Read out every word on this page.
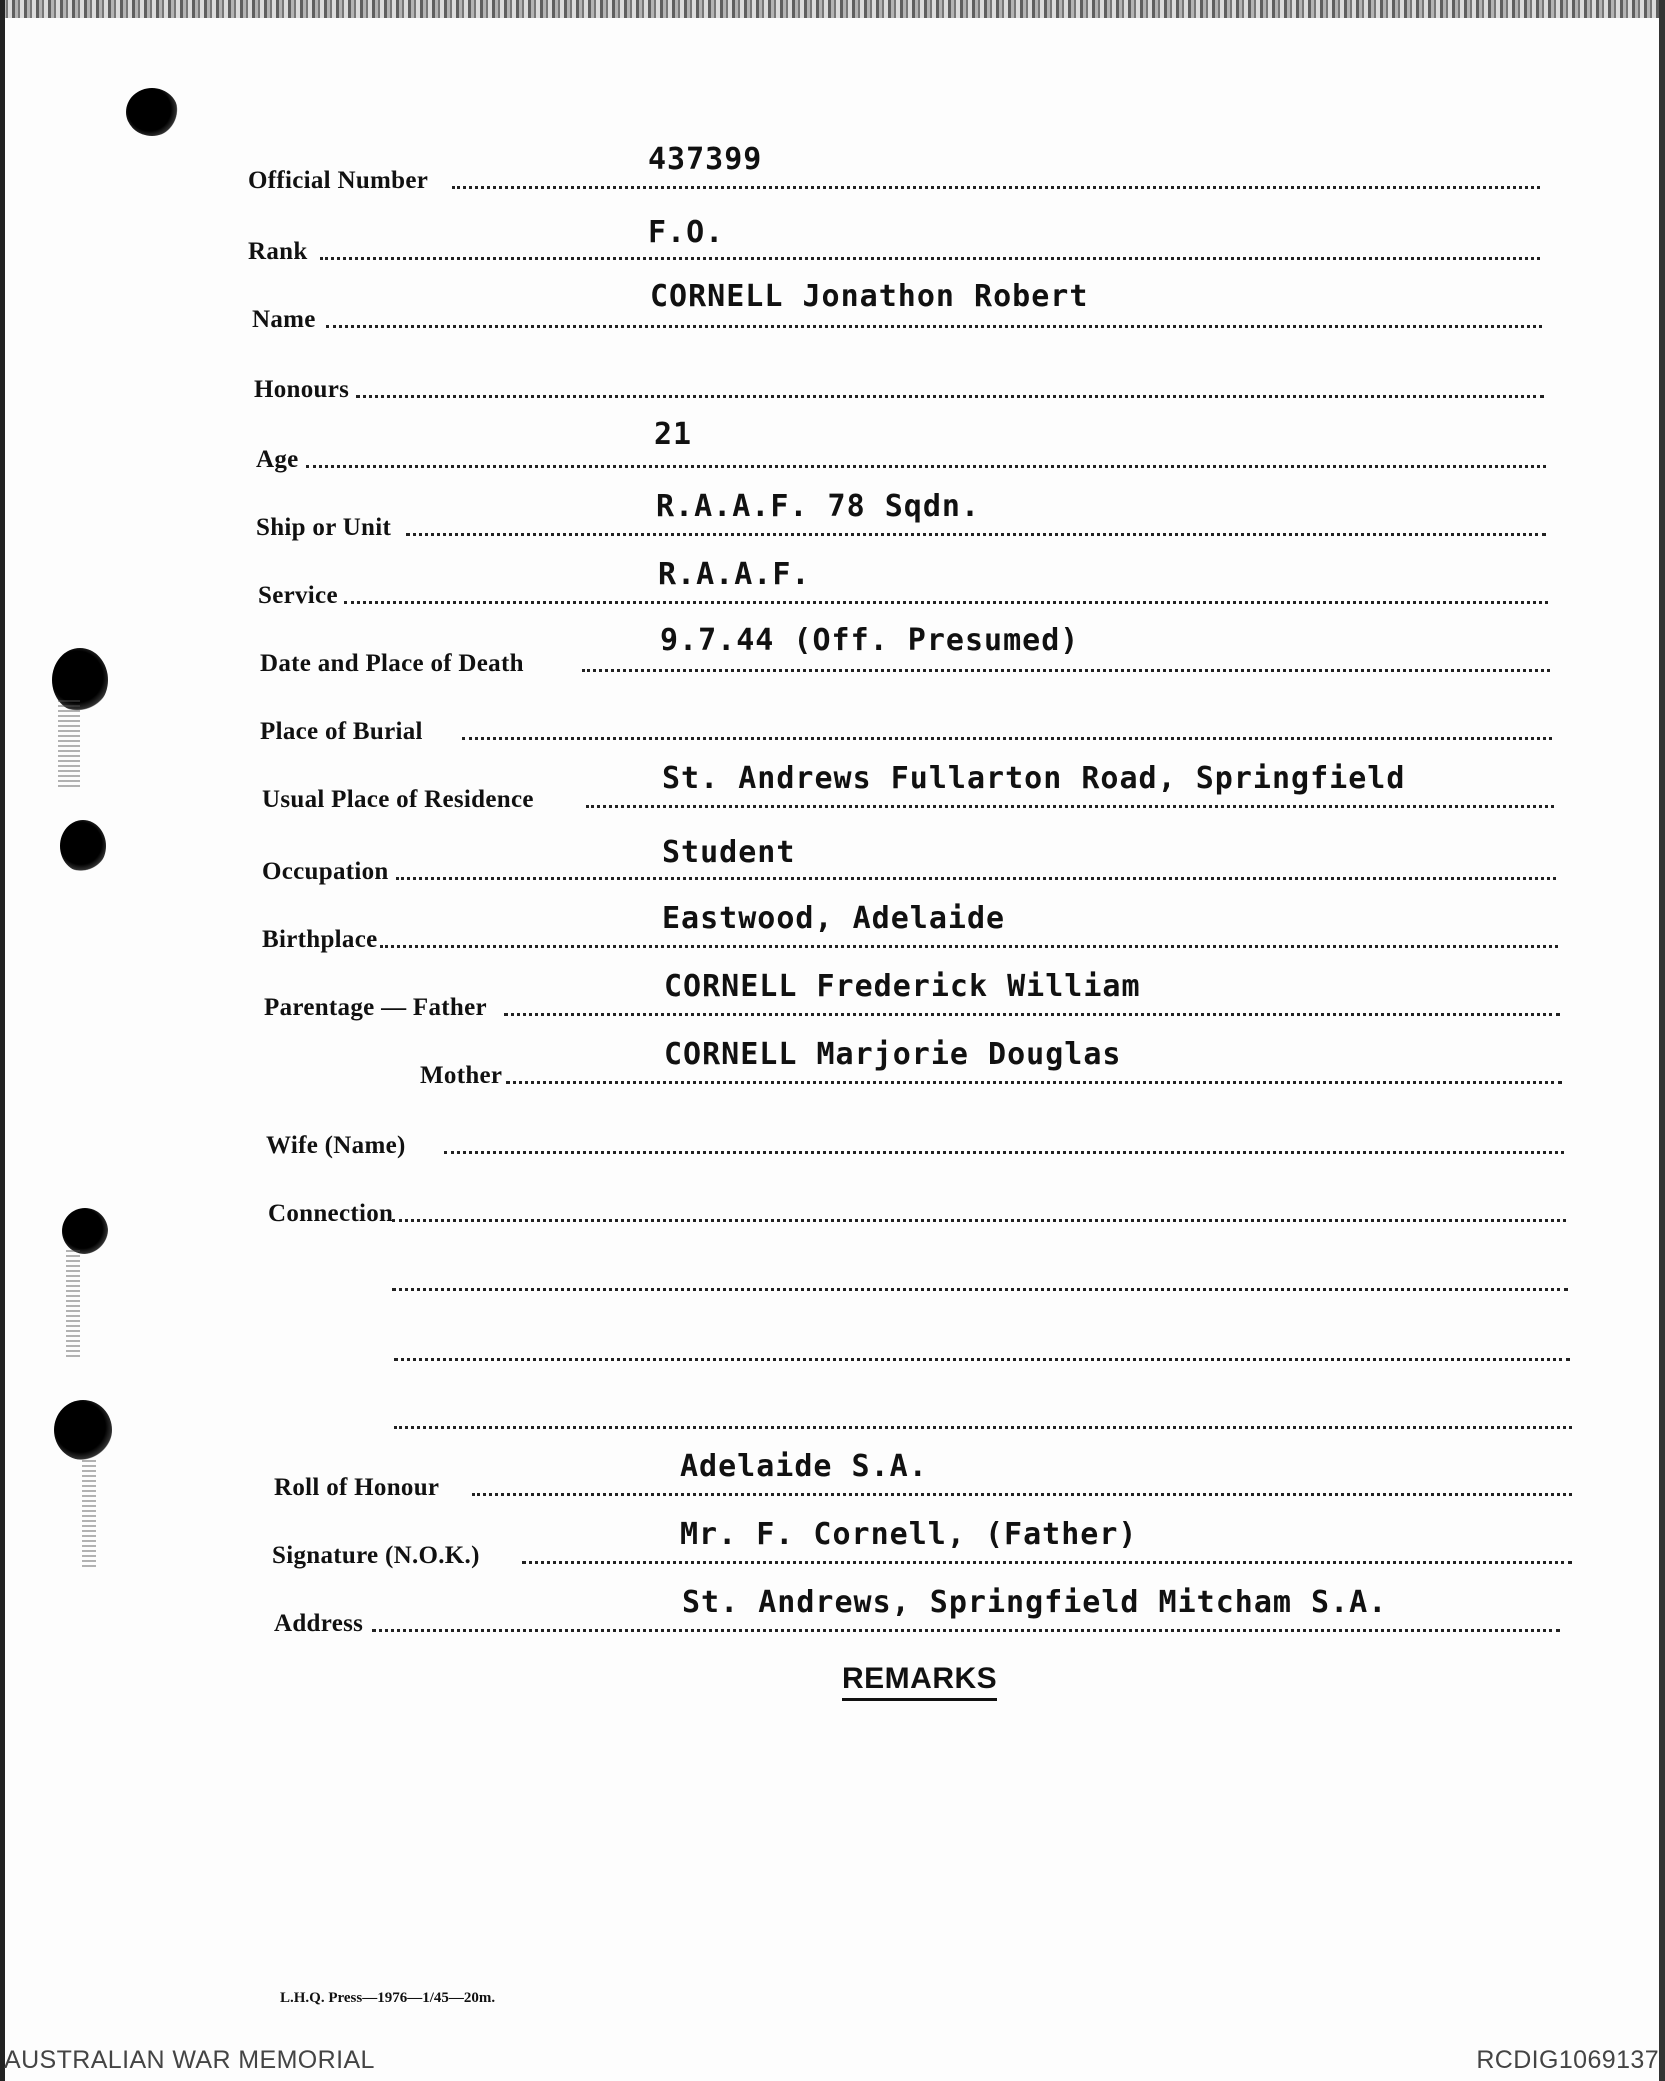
Official Number
437399
Rank
F.O.
Name
CORNELL Jonathon Robert
Honours
Age
21
Ship or Unit
R.A.A.F. 78 Sqdn.
Service
R.A.A.F.
Date and Place of Death
9.7.44 (Off. Presumed)
Place of Burial
Usual Place of Residence
St. Andrews Fullarton Road, Springfield
Occupation
Student
Birthplace
Eastwood, Adelaide
Parentage — Father
CORNELL Frederick William
Mother
CORNELL Marjorie Douglas
Wife (Name)
Connection
Roll of Honour
Adelaide S.A.
Signature (N.O.K.)
Mr. F. Cornell, (Father)
Address
St. Andrews, Springfield Mitcham S.A.
REMARKS
L.H.Q. Press—1976—1/45—20m.
AUSTRALIAN WAR MEMORIAL	RCDIG1069137
